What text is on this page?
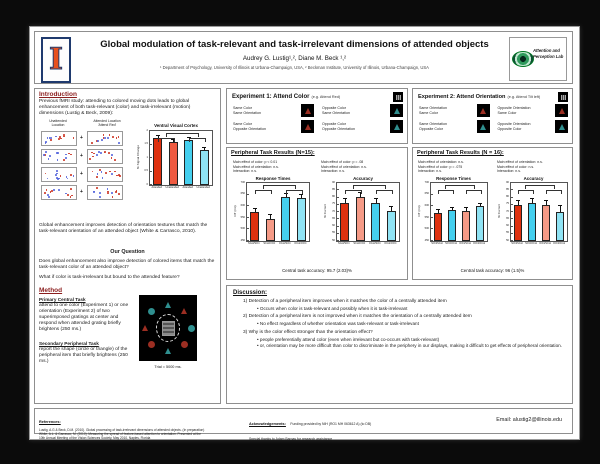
I	Global modulation of task-relevant and task-irrelevant dimensions of attended objects
Audrey G. Lustig¹,², Diane M. Beck ¹,²
¹ Department of Psychology, University of Illinois at Urbana-Champaign, USA, ² Beckman Institute, University of Illinois, Urbana-Champaign, USA
Attention and
Perception Lab
Introduction
Previous fMRI study: attending to colored moving dots leads to global enhancement of both task-relevant (color) and task-irrelevant (motion) dimensions (Lustig & Beck, 2009):
Unattended
Location
Attended Location
'Attend Red'
+
+
+
+
Ventral Visual Cortex
% Signal Change
0
0.5
1
1.5
2
Attended	Unattended	Attended	Unattended
Global enhancement improves detection of orientation textures that match the task-relevant orientation of an attended object (White & Carrasco, 2010).
Our Question
Does global enhancement also improve detection of colored items that match the task-relevant color of an attended object?
What if color is task-irrelevant but bound to the attended feature?
Method
Primary Central Task
attend to one color (Experiment 1) or one orientation (Experiment 2) of two superimposed gratings at center and respond when attended grating briefly brightens (250 ms.)
Secondary Peripheral Task
report the shape (circle or triangle) of the peripheral item that briefly brightens (250 ms.)
Trial = 5000 ms.
Experiment 1: Attend Color (e.g. Attend Red)
Same Color
Same Orientation
Opposite Color
Same Orientation
Same Color
Opposite Orientation
Opposite Color
Opposite Orientation
Experiment 2: Attend Orientation (e.g. Attend Tilt left)
Same Orientation
Same Color
Opposite Orientation
Same Color
Same Orientation
Opposite Color
Opposite Orientation
Opposite Color
Peripheral Task Results (N=15):
Main effect of color: p < 0.01
Main effect of orientation: n.s.
Interaction: n.s.
Main effect of color: p = .08
Main effect of orientation: n.s.
Interaction: n.s.
Response Times
RT (ms)
450
500
550
600
650
700
SCol/SOri	SCol/OOri	OCol/SOri	OCol/OOri
Accuracy
% Correct
50
55
60
65
70
75
80
85
90
SCol/SOri	SCol/OOri	OCol/SOri	OCol/OOri
Central task accuracy: 95.7 (2.03)%
Peripheral Task Results (N = 16):
Main effect of orientation: n.s.
Main effect of color: p = .075
Interaction: n.s.
Main effect of orientation: n.s.
Main effect of color: n.s.
Interaction: n.s.
Response Times
RT (ms)
450
500
550
600
650
700
SOri/SCol SOri/OCol OOri/SCol OOri/OCol
Accuracy
% Correct
50
55
60
65
70
75
80
85
90
SOri/SCol SOri/OCol OOri/SCol OOri/OCol
Central task accuracy: 96 (1.5)%
Discussion:
1) Detection of a peripheral item improves when it matches the color of a centrally attended item
• Occurs when color is task-relevant and possibly when it is task-irrelevant
2) Detection of a peripheral item is not improved when it matches the orientation of a centrally attended item
• No effect regardless of whether orientation was task-relevant or task-irrelevant
3) Why is the color effect stronger than the orientation effect?
• people preferentially attend color (even when irrelevant but co-occurs with task-relevant)
• or, orientation may be more difficult than color to discriminate in the periphery in our displays, making it difficult to get effects of peripheral orientation.
References:
Lustig, A.G & Beck, D.M. (2010). Global processing of task-irrelevant dimensions of attended objects. (In preparation)
White, A.L. & Carrasco, M. (2010). Measuring the spread of feature-based attention to orientation. Presented at the
10th Annual Meeting of the Vision Sciences Society, May 2010, Naples, Florida
Acknowledgements: Funding provided by NIH (RO1 MH 063612 A) (to DB)
Special thanks to Adam Barnas for research assistance
Email: alustig2@illinois.edu
